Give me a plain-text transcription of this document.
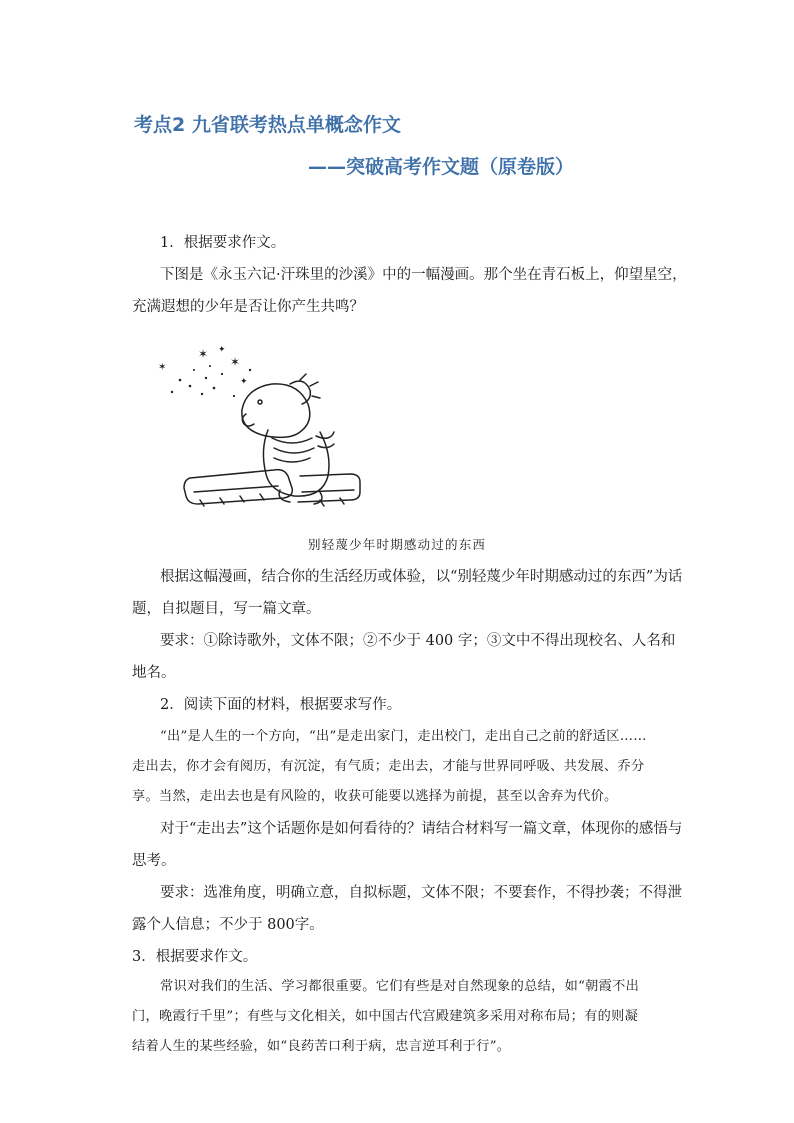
考点2 九省联考热点单概念作文
——突破高考作文题（原卷版）
1．根据要求作文。
下图是《永玉六记·汗珠里的沙溪》中的一幅漫画。那个坐在青石板上，仰望星空，
充满遐想的少年是否让你产生共鸣？
✶ ✦
✶
✶
✦
别轻蔑少年时期感动过的东西
根据这幅漫画，结合你的生活经历或体验，以“别轻蔑少年时期感动过的东西”为话
题，自拟题目，写一篇文章。
要求：①除诗歌外，文体不限；②不少于 400 字；③文中不得出现校名、人名和
地名。
2．阅读下面的材料，根据要求写作。
“出”是人生的一个方向，“出”是走出家门，走出校门，走出自己之前的舒适区……
走出去，你才会有阅历，有沉淀，有气质；走出去，才能与世界同呼吸、共发展、乔分
享。当然，走出去也是有风险的，收获可能要以逃择为前提，甚至以舍弃为代价。
对于“走出去”这个话题你是如何看待的？请结合材料写一篇文章，体现你的感悟与
思考。
要求：选准角度，明确立意，自拟标题，文体不限；不要套作，不得抄袭；不得泄
露个人信息；不少于 800字。
3．根据要求作文。
常识对我们的生活、学习都很重要。它们有些是对自然现象的总结，如“朝霞不出
门，晚霞行千里”；有些与文化相关，如中国古代宫殿建筑多采用对称布局；有的则凝
结着人生的某些经验，如“良药苦口利于病，忠言逆耳利于行”。
